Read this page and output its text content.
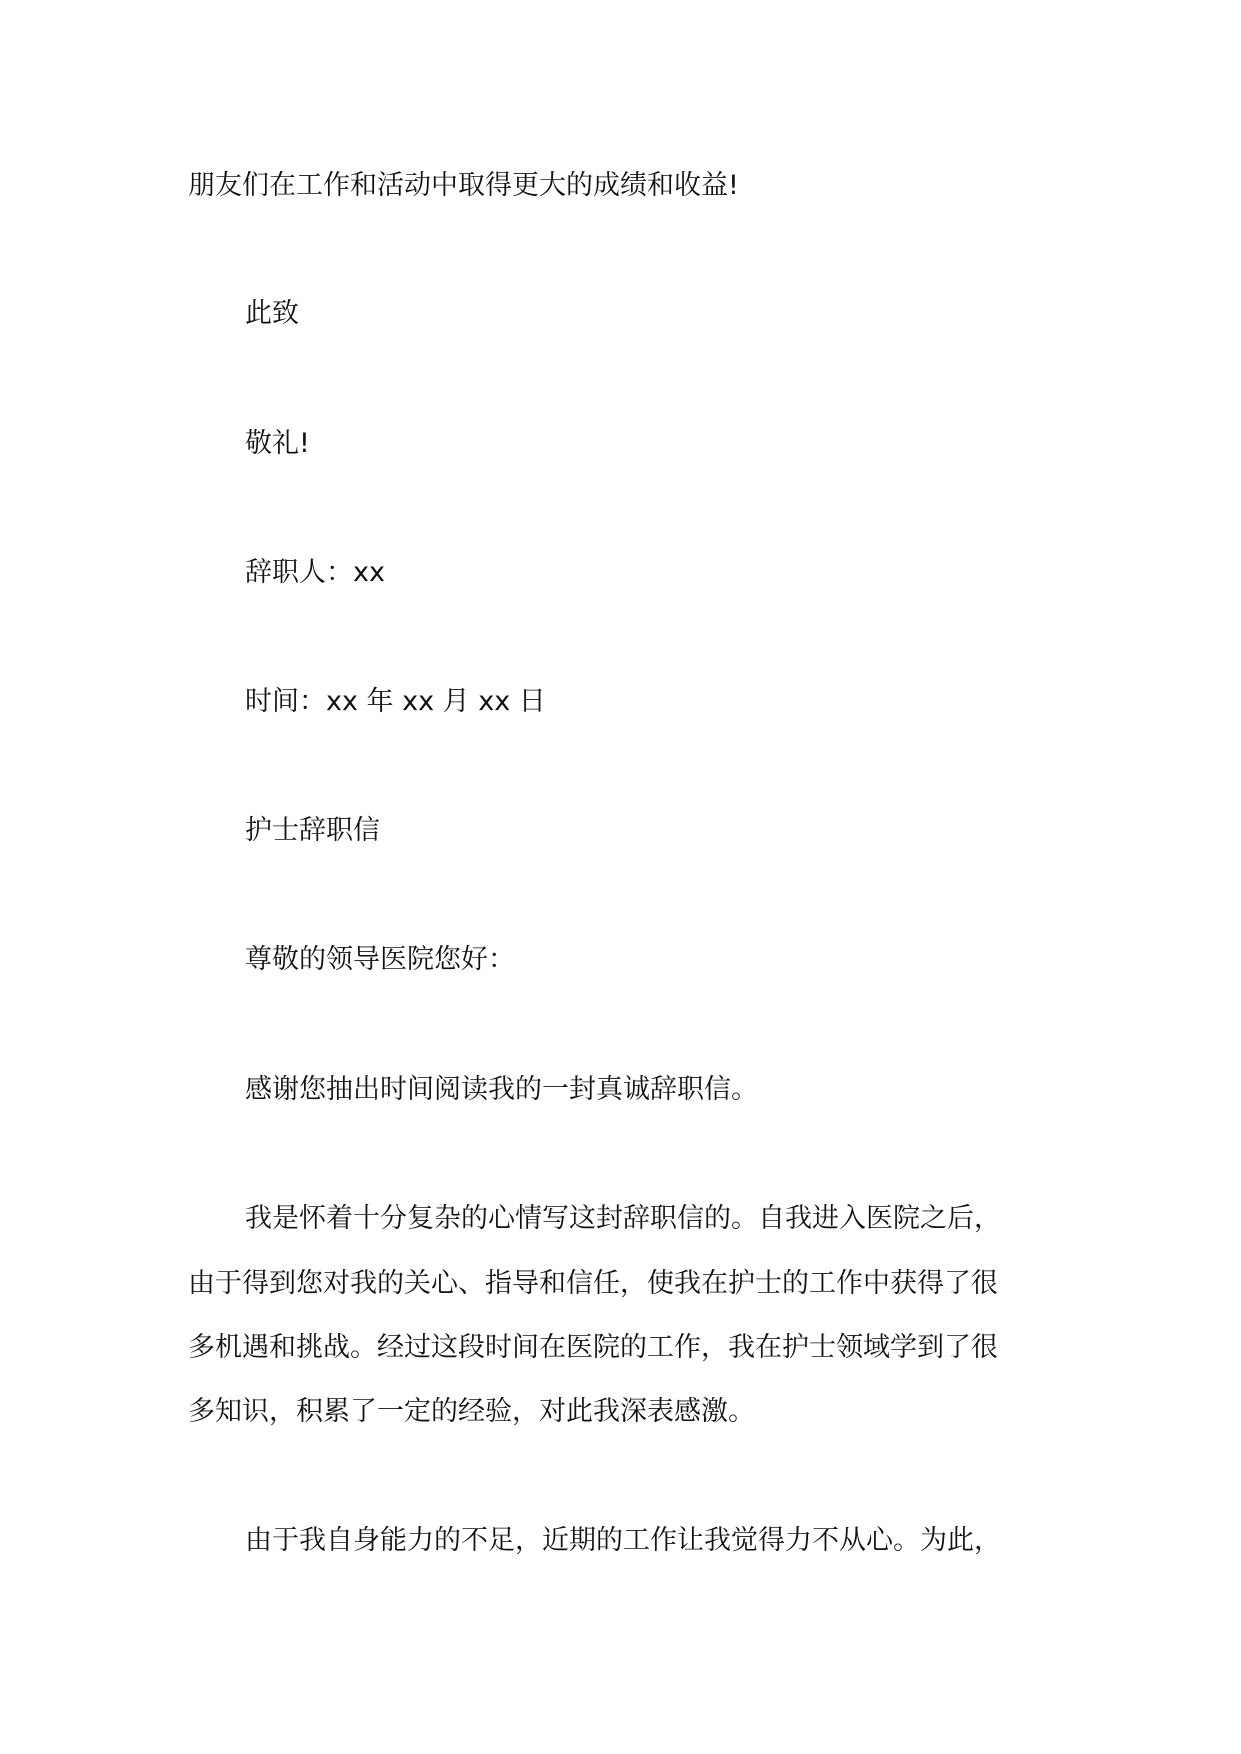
朋友们在工作和活动中取得更大的成绩和收益!

此致

敬礼!

辞职人：xx

时间：xx 年 xx 月 xx 日

护士辞职信

尊敬的领导医院您好：

感谢您抽出时间阅读我的一封真诚辞职信。

我是怀着十分复杂的心情写这封辞职信的。自我进入医院之后，

由于得到您对我的关心、指导和信任，使我在护士的工作中获得了很

多机遇和挑战。经过这段时间在医院的工作，我在护士领域学到了很

多知识，积累了一定的经验，对此我深表感激。

由于我自身能力的不足，近期的工作让我觉得力不从心。为此，
